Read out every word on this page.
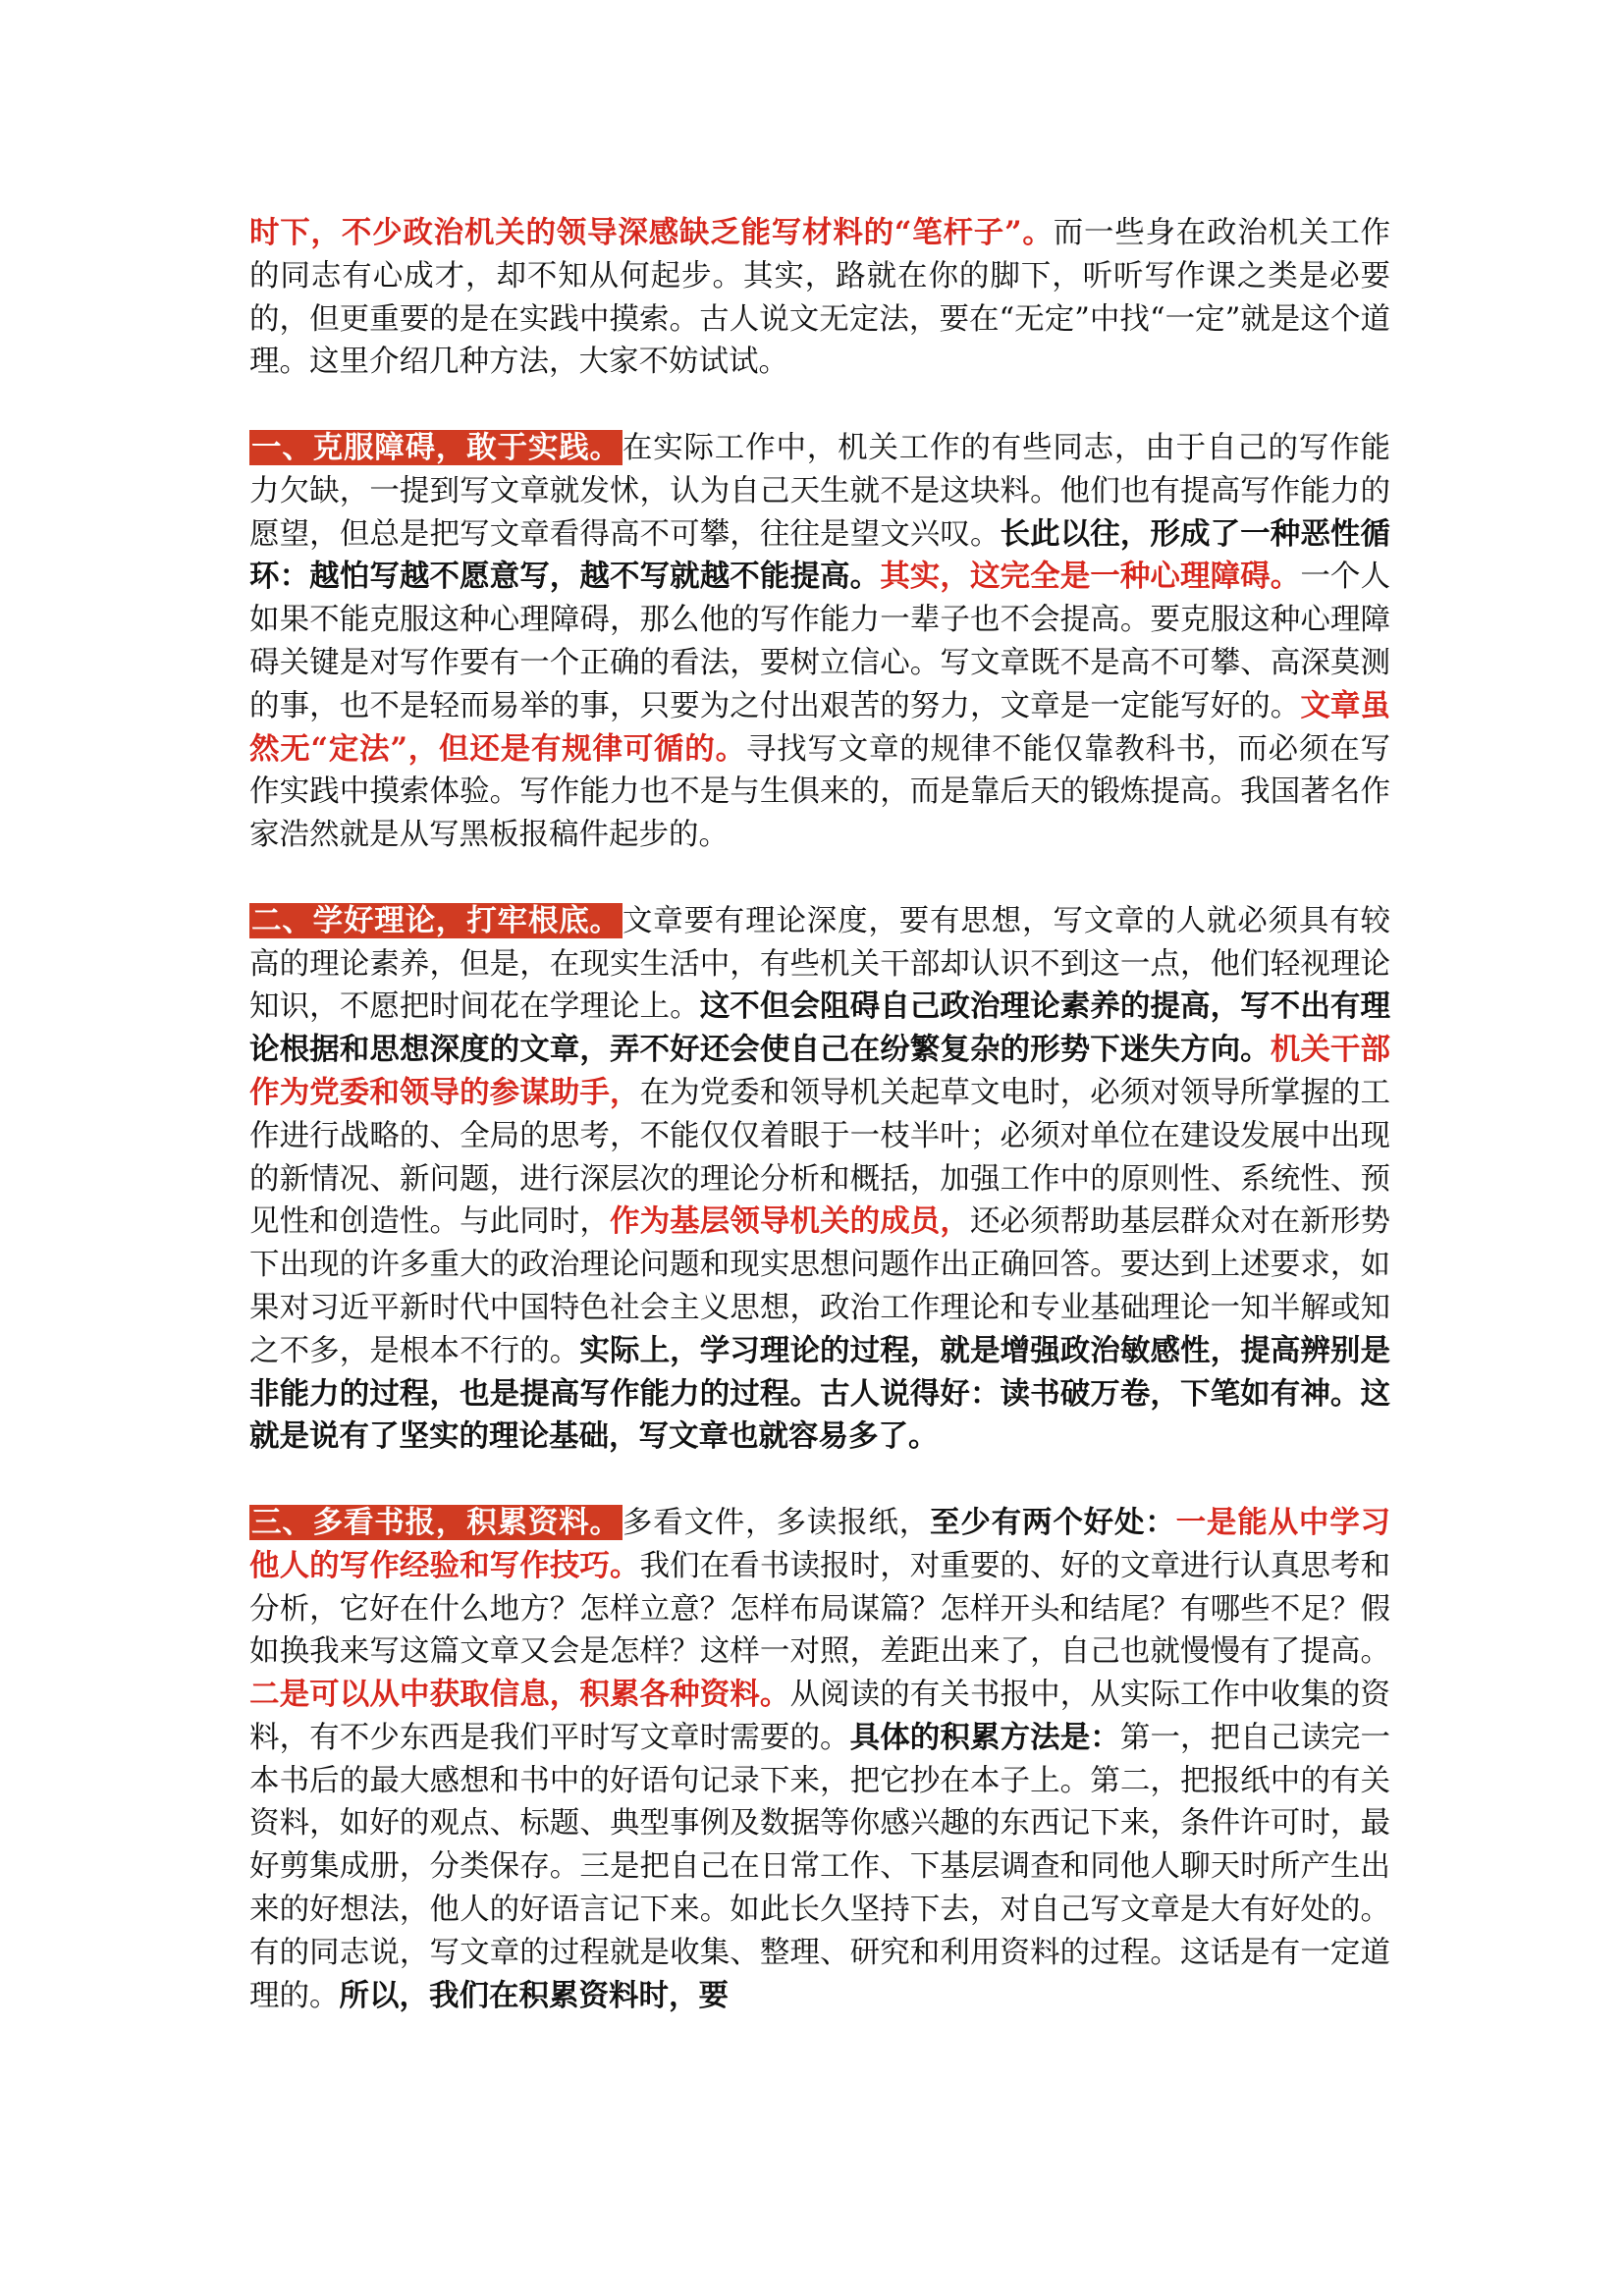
时下，不少政治机关的领导深感缺乏能写材料的“笔杆子”。而一些身在政治机关工作的同志有心成才，却不知从何起步。其实，路就在你的脚下，听听写作课之类是必要的，但更重要的是在实践中摸索。古人说文无定法，要在“无定”中找“一定”就是这个道理。这里介绍几种方法，大家不妨试试。

一、克服障碍，敢于实践。在实际工作中，机关工作的有些同志，由于自己的写作能力欠缺，一提到写文章就发怵，认为自己天生就不是这块料。他们也有提高写作能力的愿望，但总是把写文章看得高不可攀，往往是望文兴叹。长此以往，形成了一种恶性循环：越怕写越不愿意写，越不写就越不能提高。其实，这完全是一种心理障碍。一个人如果不能克服这种心理障碍，那么他的写作能力一辈子也不会提高。要克服这种心理障碍关键是对写作要有一个正确的看法，要树立信心。写文章既不是高不可攀、高深莫测的事，也不是轻而易举的事，只要为之付出艰苦的努力，文章是一定能写好的。文章虽然无“定法”，但还是有规律可循的。寻找写文章的规律不能仅靠教科书，而必须在写作实践中摸索体验。写作能力也不是与生俱来的，而是靠后天的锻炼提高。我国著名作家浩然就是从写黑板报稿件起步的。

二、学好理论，打牢根底。文章要有理论深度，要有思想，写文章的人就必须具有较高的理论素养，但是，在现实生活中，有些机关干部却认识不到这一点，他们轻视理论知识，不愿把时间花在学理论上。这不但会阻碍自己政治理论素养的提高，写不出有理论根据和思想深度的文章，弄不好还会使自己在纷繁复杂的形势下迷失方向。机关干部作为党委和领导的参谋助手，在为党委和领导机关起草文电时，必须对领导所掌握的工作进行战略的、全局的思考，不能仅仅着眼于一枝半叶；必须对单位在建设发展中出现的新情况、新问题，进行深层次的理论分析和概括，加强工作中的原则性、系统性、预见性和创造性。与此同时，作为基层领导机关的成员，还必须帮助基层群众对在新形势下出现的许多重大的政治理论问题和现实思想问题作出正确回答。要达到上述要求，如果对习近平新时代中国特色社会主义思想，政治工作理论和专业基础理论一知半解或知之不多，是根本不行的。实际上，学习理论的过程，就是增强政治敏感性，提高辨别是非能力的过程，也是提高写作能力的过程。古人说得好：读书破万卷，下笔如有神。这就是说有了坚实的理论基础，写文章也就容易多了。

三、多看书报，积累资料。多看文件，多读报纸，至少有两个好处：一是能从中学习他人的写作经验和写作技巧。我们在看书读报时，对重要的、好的文章进行认真思考和分析，它好在什么地方？怎样立意？怎样布局谋篇？怎样开头和结尾？有哪些不足？假如换我来写这篇文章又会是怎样？这样一对照，差距出来了，自己也就慢慢有了提高。二是可以从中获取信息，积累各种资料。从阅读的有关书报中，从实际工作中收集的资料，有不少东西是我们平时写文章时需要的。具体的积累方法是：第一，把自己读完一本书后的最大感想和书中的好语句记录下来，把它抄在本子上。第二，把报纸中的有关资料，如好的观点、标题、典型事例及数据等你感兴趣的东西记下来，条件许可时，最好剪集成册，分类保存。三是把自己在日常工作、下基层调查和同他人聊天时所产生出来的好想法，他人的好语言记下来。如此长久坚持下去，对自己写文章是大有好处的。有的同志说，写文章的过程就是收集、整理、研究和利用资料的过程。这话是有一定道理的。所以，我们在积累资料时，要
